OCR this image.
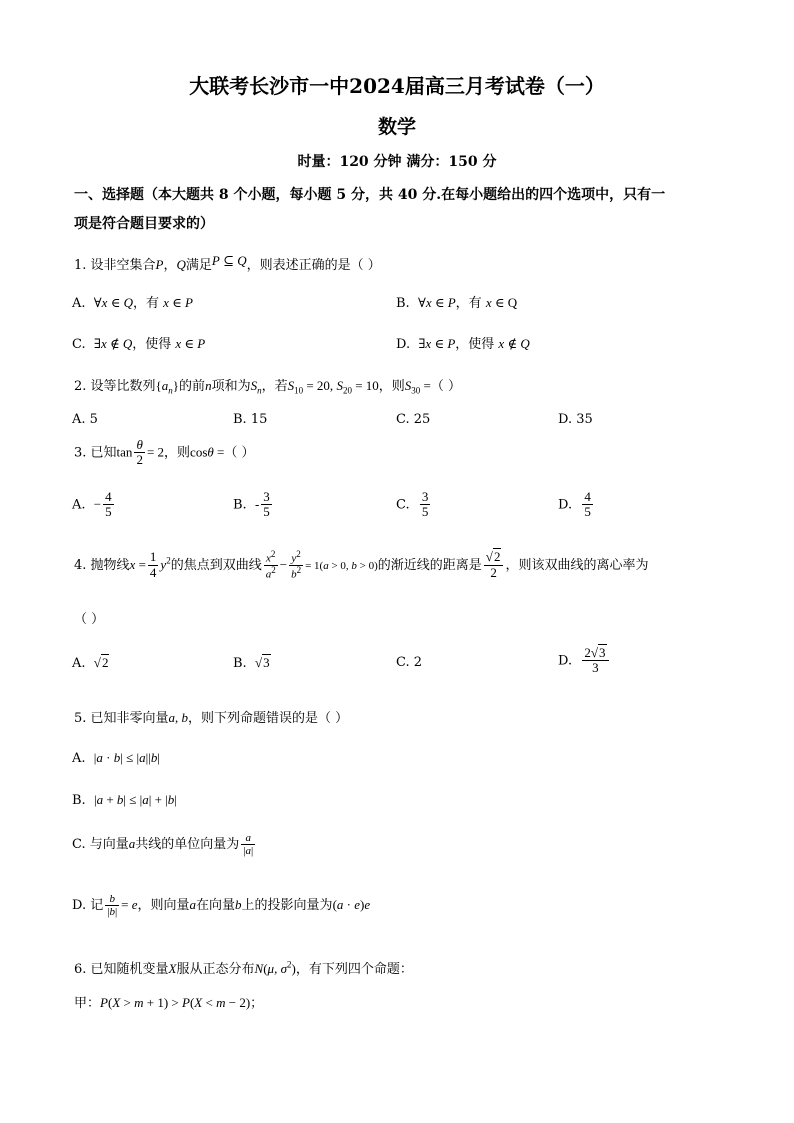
大联考长沙市一中2024届高三月考试卷（一）
数学
时量：120 分钟 满分：150 分
一、选择题（本大题共 8 个小题，每小题 5 分，共 40 分.在每小题给出的四个选项中，只有一
项是符合题目要求的）
1. 设非空集合P，Q满足P ⊆ Q，则表述正确的是（ ）
A. ∀x ∈ Q，有 x ∈ P	B. ∀x ∈ P，有 x ∈ Q
C. ∃x ∉ Q，使得 x ∈ P	D. ∃x ∈ P，使得 x ∉ Q
2. 设等比数列$\{a_n\}$的前n项和为$S_n$，若$S_{10} = 20$, $S_{20} = 10$，则$S_{30}$ =（ ）
A. 5	B. 15	C. 25	D. 35
3. 已知$\tan \frac{\theta}{2} = 2$，则cosθ =（ ）
A.  − $\frac{4}{5}$	B.  - $\frac{3}{5}$	C. $\frac{3}{5}$	D. $\frac{4}{5}$
4. 抛物线$x = \frac{1}{4} y^2$的焦点到双曲线 $\frac{x^2}{a^2} - \frac{y^2}{b^2} = 1(a > 0$, b > 0)的渐近线的距离是 $\frac{√2}{2}$ ，则该双曲线的离心率为
（ ）
A.  √2	B.  √3	C. 2	D. $\frac{2√3}{3}$
5. 已知非零向量a, b，则下列命题错误的是（ ）
A.  |a · b| ≤ |a||b|
B.  |a + b| ≤ |a| + |b|
C. 与向量a共线的单位向量为 $\frac{a}{|a|}$
D. 记 $\frac{b}{|b|} = e$，则向量a在向量b上的投影向量为(a · e)e
6. 已知随机变量X服从正态分布N(μ, $\sigma^2$)，有下列四个命题：
甲：P(X > m + 1) > P(X < m − 2)；
